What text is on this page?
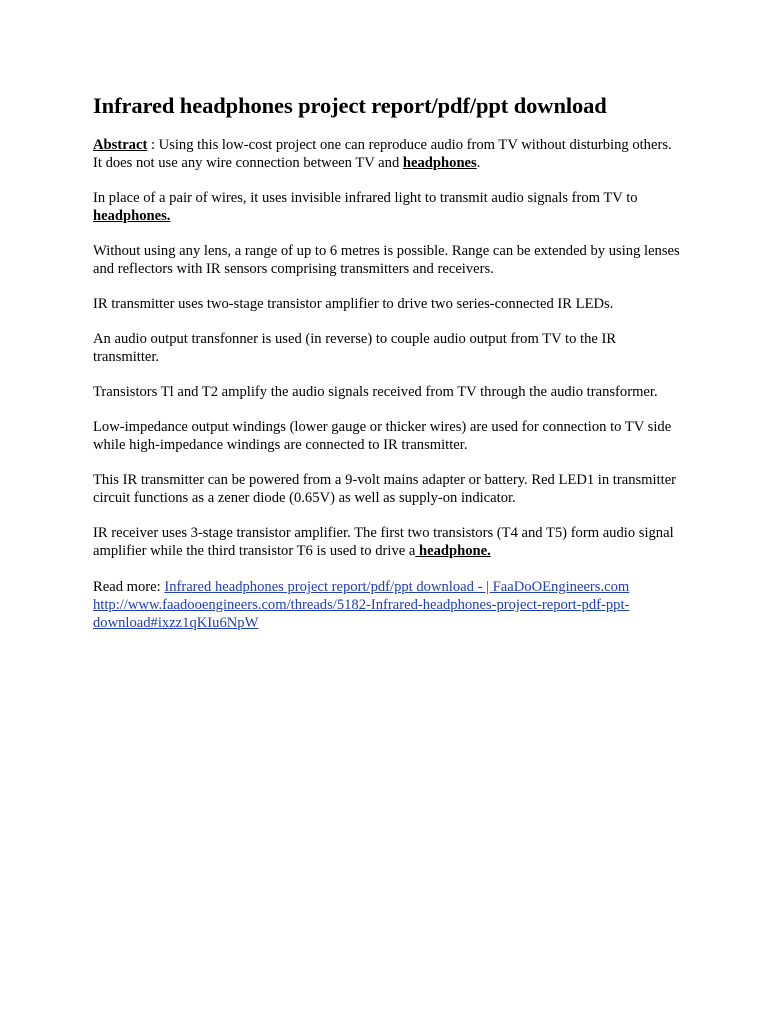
Infrared headphones project report/pdf/ppt download

Abstract : Using this low-cost project one can reproduce audio from TV without disturbing others. It does not use any wire connection between TV and headphones.

In place of a pair of wires, it uses invisible infrared light to transmit audio signals from TV to headphones.

Without using any lens, a range of up to 6 metres is possible. Range can be extended by using lenses and reflectors with IR sensors comprising transmitters and receivers.

IR transmitter uses two-stage transistor amplifier to drive two series-connected IR LEDs.

An audio output transfonner is used (in reverse) to couple audio output from TV to the IR transmitter.

Transistors Tl and T2 amplify the audio signals received from TV through the audio transformer.

Low-impedance output windings (lower gauge or thicker wires) are used for connection to TV side while high-impedance windings are connected to IR transmitter.

This IR transmitter can be powered from a 9-volt mains adapter or battery. Red LED1 in transmitter circuit functions as a zener diode (0.65V) as well as supply-on indicator.

IR receiver uses 3-stage transistor amplifier. The first two transistors (T4 and T5) form audio signal amplifier while the third transistor T6 is used to drive a headphone.

Read more: Infrared headphones project report/pdf/ppt download - | FaaDoOEngineers.com
http://www.faadooengineers.com/threads/5182-Infrared-headphones-project-report-pdf-ppt-download#ixzz1qKIu6NpW
